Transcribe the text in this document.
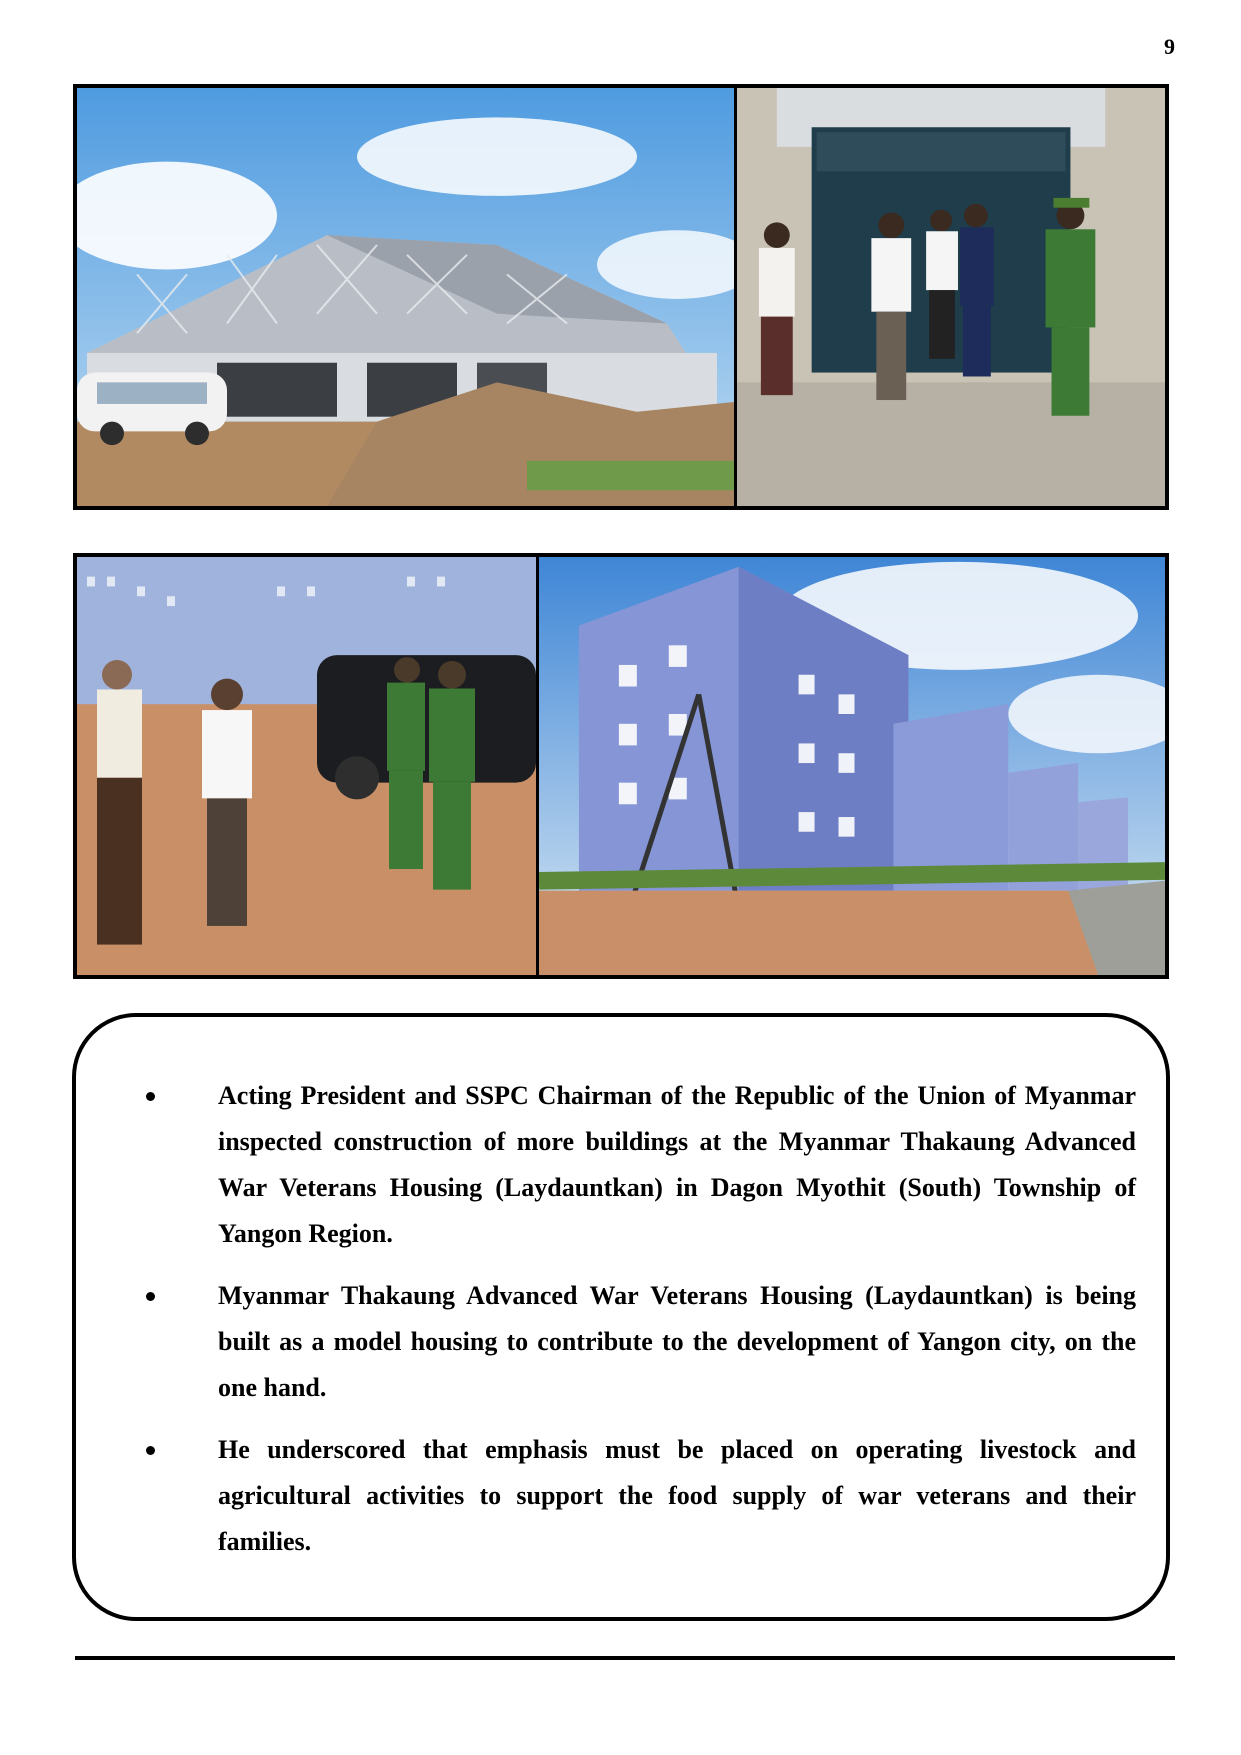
9
Acting President and SSPC Chairman of the Republic of the Union of Myanmar inspected construction of more buildings at the Myanmar Thakaung Advanced War Veterans Housing (Laydauntkan) in Dagon Myothit (South) Township of Yangon Region.
Myanmar Thakaung Advanced War Veterans Housing (Laydauntkan) is being built as a model housing to contribute to the development of Yangon city, on the one hand.
He underscored that emphasis must be placed on operating livestock and agricultural activities to support the food supply of war veterans and their families.
